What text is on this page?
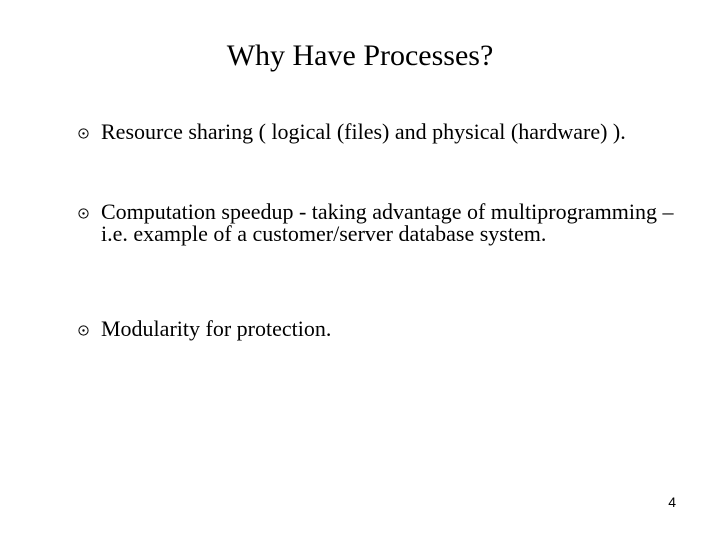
Why Have Processes?
Resource sharing ( logical (files) and physical (hardware) ).
Computation speedup - taking advantage of multiprogramming – i.e. example of a customer/server database system.
Modularity for protection.
4
